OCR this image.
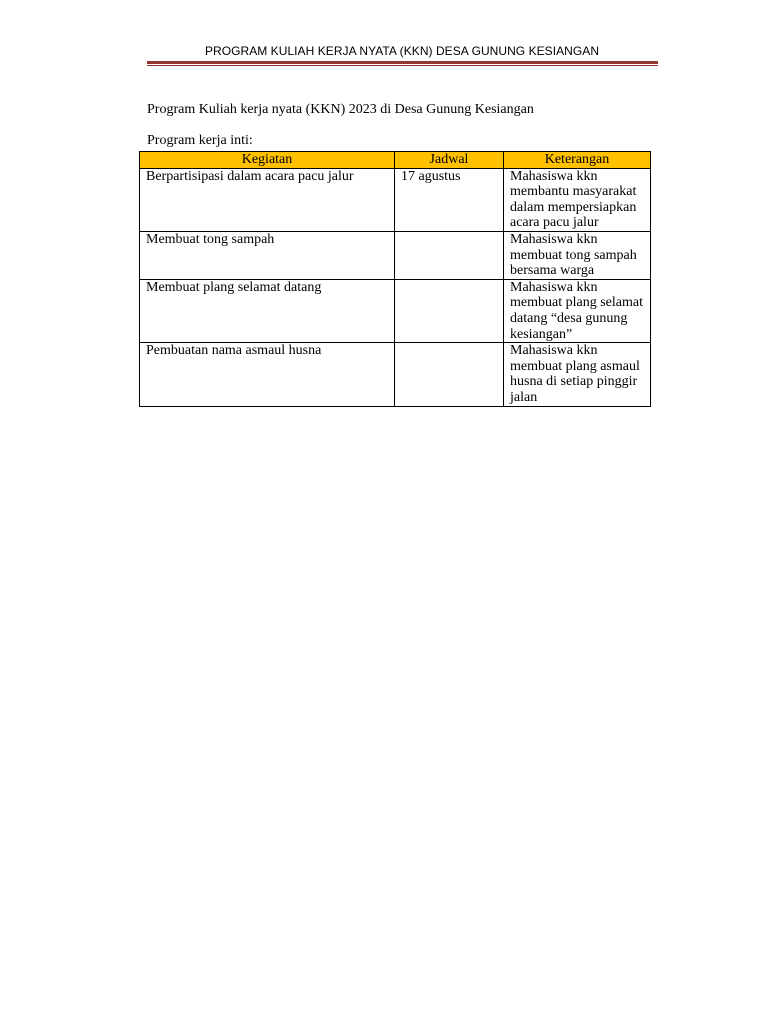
PROGRAM KULIAH KERJA NYATA (KKN) DESA GUNUNG KESIANGAN
Program Kuliah kerja nyata (KKN) 2023 di Desa Gunung Kesiangan
Program kerja inti:
Kegiatan	Jadwal	Keterangan
Berpartisipasi dalam acara pacu jalur	17 agustus	Mahasiswa kkn membantu masyarakat dalam mempersiapkan acara pacu jalur
Membuat tong sampah		Mahasiswa kkn membuat tong sampah bersama warga
Membuat plang selamat datang		Mahasiswa kkn membuat plang selamat datang “desa gunung kesiangan”
Pembuatan nama asmaul husna		Mahasiswa kkn membuat plang asmaul husna di setiap pinggir jalan
